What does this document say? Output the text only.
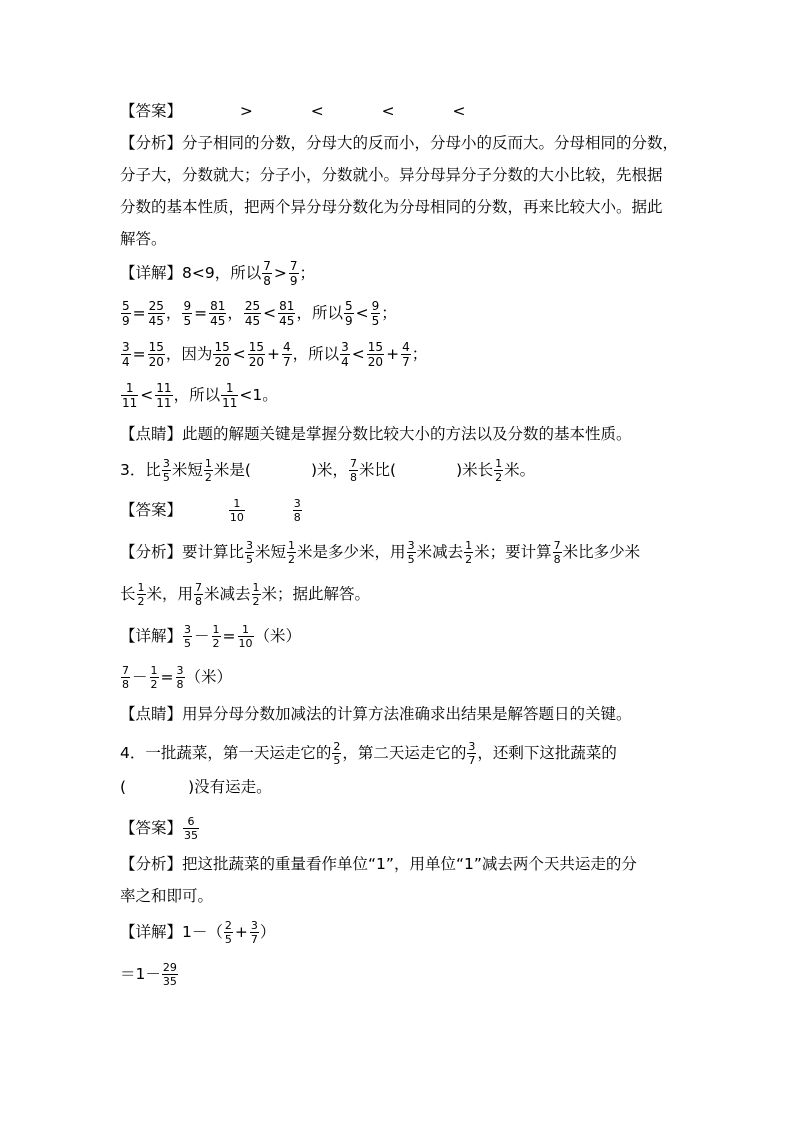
【答案】	>	<	<	<
【分析】分子相同的分数，分母大的反而小，分母小的反而大。分母相同的分数，
分子大，分数就大；分子小，分数就小。异分母异分子分数的大小比较，先根据
分数的基本性质，把两个异分母分数化为分母相同的分数，再来比较大小。据此
解答。
【详解】8<9，所以 $\frac{7}{8} > \frac{7}{9}$ ；
$\frac{5}{9} = \frac{25}{45}$ ， $\frac{9}{5} = \frac{81}{45}$ ， $\frac{25}{45} < \frac{81}{45}$ ，所以 $\frac{5}{9} < \frac{9}{5}$ ；
$\frac{3}{4} = \frac{15}{20}$ ，因为 $\frac{15}{20} < \frac{15}{20} + \frac{4}{7}$ ，所以 $\frac{3}{4} < \frac{15}{20} + \frac{4}{7}$ ；
$\frac{1}{11} < \frac{11}{11}$ ，所以 $\frac{1}{11} <1$。
【点睛】此题的解题关键是掌握分数比较大小的方法以及分数的基本性质。
3．比 $\frac{3}{5}$ 米短 $\frac{1}{2}$ 米是(	)米， $\frac{7}{8}$ 米比(	)米长 $\frac{1}{2}$ 米。
【答案】	$\frac{1}{10}$
	$\frac{3}{8}$
【分析】要计算比 $\frac{3}{5}$ 米短 $\frac{1}{2}$ 米是多少米，用 $\frac{3}{5}$ 米减去 $\frac{1}{2}$ 米；要计算 $\frac{7}{8}$ 米比多少米
长 $\frac{1}{2}$ 米，用 $\frac{7}{8}$ 米减去 $\frac{1}{2}$ 米；据此解答。
【详解】 $\frac{3}{5} - \frac{1}{2} = \frac{1}{10}$ （米）
$\frac{7}{8} - \frac{1}{2} = \frac{3}{8}$ （米）
【点睛】用异分母分数加减法的计算方法准确求出结果是解答题日的关键。
4．一批蔬菜，第一天运走它的 $\frac{2}{5}$ ，第二天运走它的 $\frac{3}{7}$ ，还剩下这批蔬菜的
(	)没有运走。
【答案】 $\frac{6}{35}$
【分析】把这批蔬菜的重量看作单位“1”，用单位“1”减去两个天共运走的分
率之和即可。
【详解】$1-( \frac{2}{5} + \frac{3}{7}$ ）
$=1- \frac{29}{35}$
